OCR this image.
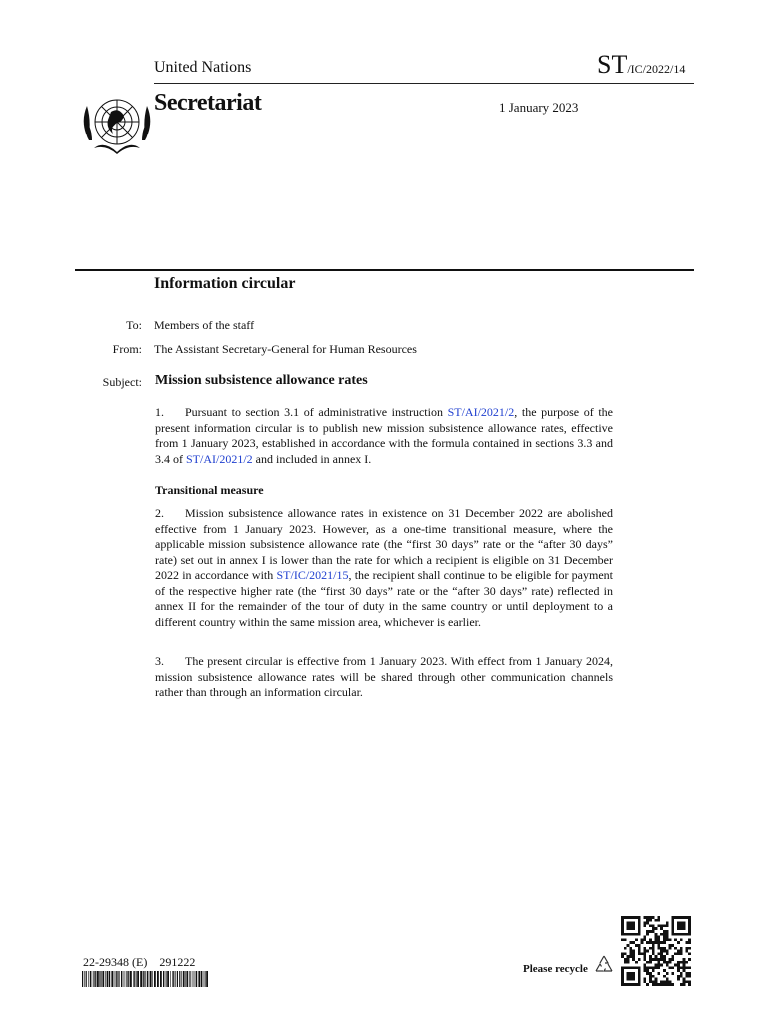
United Nations	ST/IC/2022/14
Secretariat	1 January 2023
Information circular
To: Members of the staff
From: The Assistant Secretary-General for Human Resources
Subject: Mission subsistence allowance rates
1. Pursuant to section 3.1 of administrative instruction ST/AI/2021/2, the purpose of the present information circular is to publish new mission subsistence allowance rates, effective from 1 January 2023, established in accordance with the formula contained in sections 3.3 and 3.4 of ST/AI/2021/2 and included in annex I.
Transitional measure
2. Mission subsistence allowance rates in existence on 31 December 2022 are abolished effective from 1 January 2023. However, as a one-time transitional measure, where the applicable mission subsistence allowance rate (the “first 30 days” rate or the “after 30 days” rate) set out in annex I is lower than the rate for which a recipient is eligible on 31 December 2022 in accordance with ST/IC/2021/15, the recipient shall continue to be eligible for payment of the respective higher rate (the “first 30 days” rate or the “after 30 days” rate) reflected in annex II for the remainder of the tour of duty in the same country or until deployment to a different country within the same mission area, whichever is earlier.
3. The present circular is effective from 1 January 2023. With effect from 1 January 2024, mission subsistence allowance rates will be shared through other communication channels rather than through an information circular.
22-29348 (E)    291222	Please recycle
